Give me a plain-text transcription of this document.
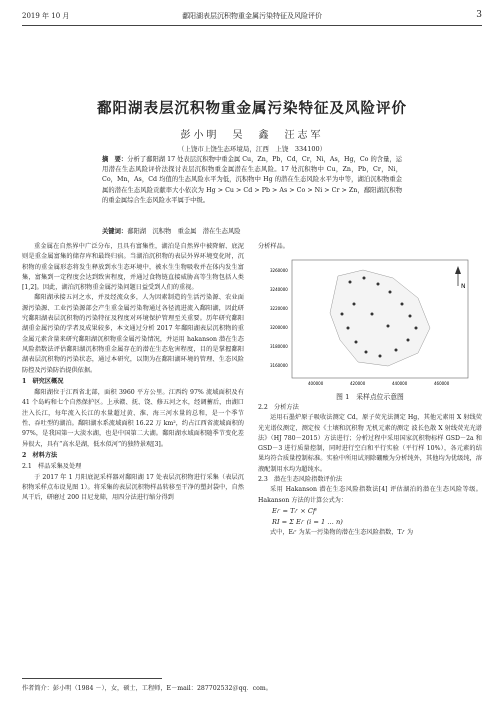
2019 年 10 月	鄱阳湖表层沉积物重金属污染特征及风险评价	3
鄱阳湖表层沉积物重金属污染特征及风险评价
彭小明　吴　鑫　汪志军
（上饶市上饶生态环境局，江西　上饶　334100）
摘　要：分析了鄱阳湖 17 处表层沉积物中重金属 Cu，Zn，Pb，Cd，Cr，Ni，As，Hg，Co 的含量，运用潜在生态风险评价法探讨表层沉积物重金属潜在生态风险。17 处沉积物中 Cu，Zn，Pb，Cr，Ni，Co，Mn，As，Cd 均值的生态风险水平为低，沉积物中 Hg 的潜在生态风险水平为中等，湖泊沉积物重金属的潜在生态风险贡献率大小依次为 Hg > Cu > Cd > Pb > As > Co > Ni > Cr > Zn，鄱阳湖沉积物的重金属综合生态风险水平属于中级。
关键词：鄱阳湖　沉积物　重金属　潜在生态风险

重金属在自然界中广泛分布，且具有富集性，湖泊是自然界中被降解、底泥则是重金属富集的储存库和最终归宿。当湖泊沉积物的表层外界环境变化时，沉积物的重金属形态将发生释放到水生态环境中，被水生生物吸收并在体内发生富集，富集到一定程度会达到致害程度，并通过食物链直接威胁高等生物包括人类[1,2]。因此，湖泊沉积物重金属污染问题日益受到人们的重视。

鄱阳湖承接五河之水，并及经流众多，人为因素制造的生活污染源、农业面源污染源、工业污染源部会产生重金属污染物通过各径流进流入鄱阳湖，因此研究鄱阳湖表层沉积物的污染特征及程度对环境保护管理至关重要。历年研究鄱阳湖重金属污染的学者及成果较多，本文通过分析 2017 年鄱阳湖表层沉积物的重金属元素含量来研究鄱阳湖沉积物重金属污染情况，并运用 hakanson 潜在生态风险指数法评估鄱阳湖沉积物重金属存在的潜在生态危害程度，目的是掌握鄱阳湖表层沉积物的污染状态，通过本研究，以期为在鄱阳湖环境的管理、生态风险防控及污染防治提供依据。

1　研究区概况

鄱阳湖位于江西省北部，面积 3960 平方公里。江西约 97% 流域面积及有 41 个岛屿和七个自然保护区。上承赣、抚、饶、修五河之水，经调蓄后，由湖口注入长江，每年流入长江的水量超过黄、淮、海三河水量的总和，是一个季节性、吞吐型的湖泊。鄱阳湖水系流域面积 16.22 万 km²，约占江西省流域面积的 97%，是我国第一大淡水湖，也是中国第二大湖。鄱阳湖水域面积随季节变化差异很大，具有“高水是湖，低水似河”的独特景观[3]。

2　材料方法

2.1　样品采集及处理

于 2017 年 1 月阳底泥采样器对鄱阳湖 17 处表层沉积物进行采集（表层沉积物采样点布设见图 1）。将采集的表层沉积物样品转移至干净的塑封袋中，自然风干后，研磨过 200 目尼龙筛，用四分法进行缩分得到

分析样品。

3260000
3240000
3220000
3200000
3180000
3160000
400000	420000	440000	460000
N
图 1　采样点位示意图

2.2　分析方法

运用石墨炉原子吸收法测定 Cd，原子荧光法测定 Hg，其他元素用 X 射线荧光光谱仪测定，测定按《土壤和沉积物 无机元素的测定 波长色散 X 射线荧光光谱法》（HJ 780－2015）方法进行；分析过程中采用国家沉积物标样 GSD－2a 和 GSD－3 进行质量控制，同时进行空白和平行实验（平行样 10%），各元素的结果均符合质量控制标准。实验中所用试剂除硼酸为分析纯外，其他均为优级纯，溶液配制用水均为超纯水。

2.3　潜在生态风险指数评价法

采用 Hakanson 潜在生态风险指数法[4] 评估湖泊的潜在生态风险等级。Hakanson 方法的计算公式为：

Eᵢʳ = Tᵢʳ × Cfⁱ
RI = Σ Eᵢʳ (i = 1 … n)

式中，Eᵢʳ 为某一污染物的潜在生态风险指数，Tᵢʳ 为

作者简介：彭小明（1984 －），女，硕士，工程师，E－mail：287702532＠qq．com。
